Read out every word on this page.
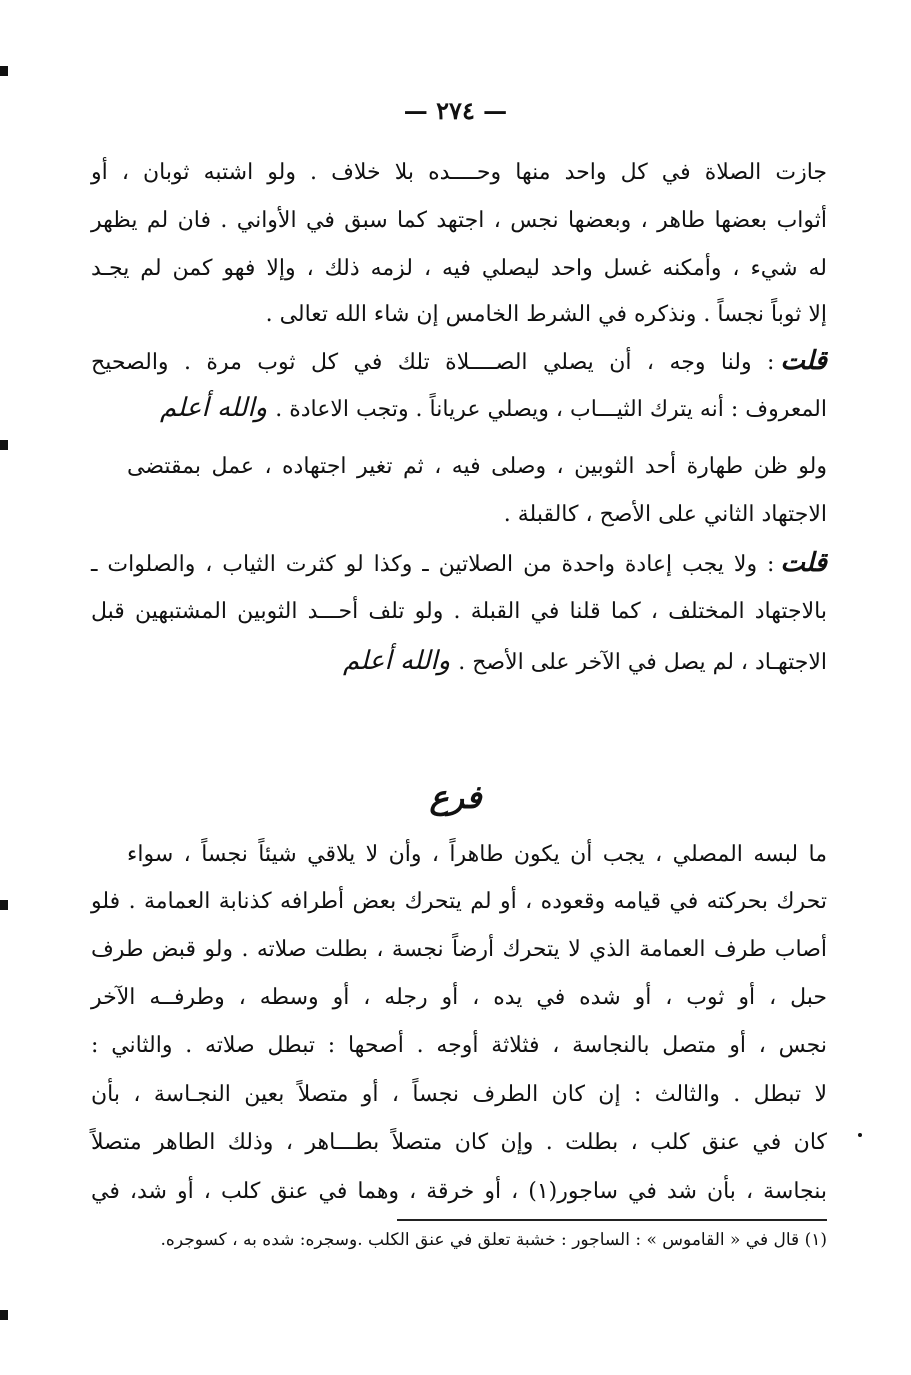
— ٢٧٤ —
جازت الصلاة في كل واحد منها وحــــده بلا خلاف . ولو اشتبه ثوبان ، أو
أثواب بعضها طاهر ، وبعضها نجس ، اجتهد كما سبق في الأواني . فان لم يظهر
له شيء ، وأمكنه غسل واحد ليصلي فيه ، لزمه ذلك ، وإلا فهو كمن لم يجـد
إلا ثوباً نجساً . ونذكره في الشرط الخامس إن شاء الله تعالى .
قلت: ولنا وجه ، أن يصلي الصــــلاة تلك في كل ثوب مرة . والصحيح
المعروف : أنه يترك الثيـــاب ، ويصلي عرياناً . وتجب الاعادة .والله أعلم
ولو ظن طهارة أحد الثوبين ، وصلى فيه ، ثم تغير اجتهاده ، عمل بمقتضى
الاجتهاد الثاني على الأصح ، كالقبلة .
قلت: ولا يجب إعادة واحدة من الصلاتين ـ وكذا لو كثرت الثياب ، والصلوات ـ
بالاجتهاد المختلف ، كما قلنا في القبلة . ولو تلف أحـــد الثوبين المشتبهين قبل
الاجتهـاد ، لم يصل في الآخر على الأصح .والله أعلم
فرع
ما لبسه المصلي ، يجب أن يكون طاهراً ، وأن لا يلاقي شيئاً نجساً ، سواء
تحرك بحركته في قيامه وقعوده ، أو لم يتحرك بعض أطرافه كذنابة العمامة . فلو
أصاب طرف العمامة الذي لا يتحرك أرضاً نجسة ، بطلت صلاته . ولو قبض طرف
حبل ، أو ثوب ، أو شده في يده ، أو رجله ، أو وسطه ، وطرفــه الآخر
نجس ، أو متصل بالنجاسة ، فثلاثة أوجه . أصحها : تبطل صلاته . والثاني :
لا تبطل . والثالث : إن كان الطرف نجساً ، أو متصلاً بعين النجـاسة ، بأن
كان في عنق كلب ، بطلت . وإن كان متصلاً بطـــاهر ، وذلك الطاهر متصلاً
بنجاسة ، بأن شد في ساجور(١) ، أو خرقة ، وهما في عنق كلب ، أو شد، في
(١) قال في « القاموس » : الساجور : خشبة تعلق في عنق الكلب .وسجره: شده به ، كسوجره.
